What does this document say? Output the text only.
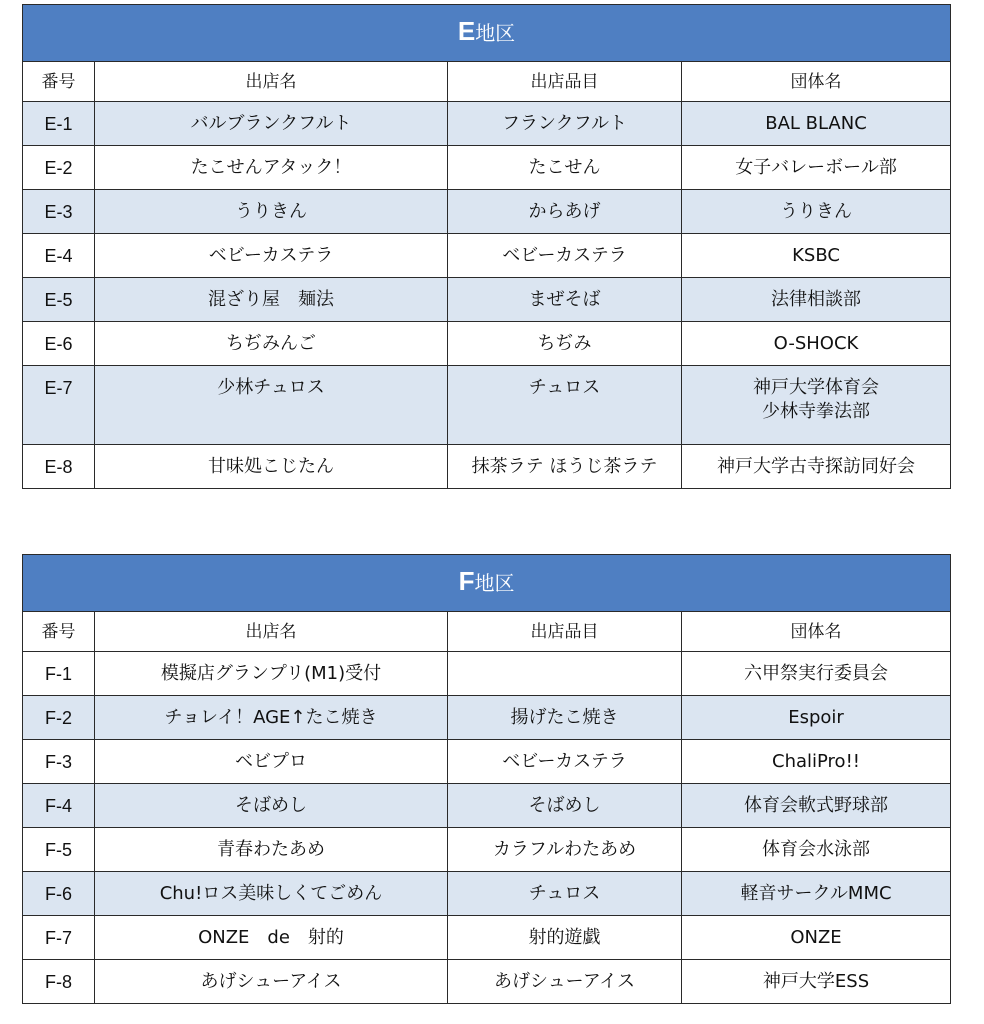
E地区			
番号	出店名	出店品目	団体名
E-1	バルブランクフルト	フランクフルト	BAL BLANC

E-2	たこせんアタック！	たこせん	女子バレーボール部

E-3	うりきん	からあげ	うりきん

E-4	ベビーカステラ	ベビーカステラ	KSBC

E-5	混ざり屋　麺法	まぜそば	法律相談部

E-6	ちぢみんご	ちぢみ	O-SHOCK

E-7	少林チュロス	チュロス	神戸大学体育会
少林寺拳法部

E-8	甘味処こじたん	抹茶ラテ ほうじ茶ラテ	神戸大学古寺探訪同好会
F地区			
番号	出店名	出店品目	団体名
F-1	模擬店グランプリ(M1)受付		六甲祭実行委員会

F-2	チョレイ！AGE↑たこ焼き	揚げたこ焼き	Espoir

F-3	ベビプロ	ベビーカステラ	ChaliPro!!

F-4	そばめし	そばめし	体育会軟式野球部

F-5	青春わたあめ	カラフルわたあめ	体育会水泳部

F-6	Chu!ロス美味しくてごめん	チュロス	軽音サークルMMC

F-7	ONZE　de　射的	射的遊戯	ONZE

F-8	あげシューアイス	あげシューアイス	神戸大学ESS
